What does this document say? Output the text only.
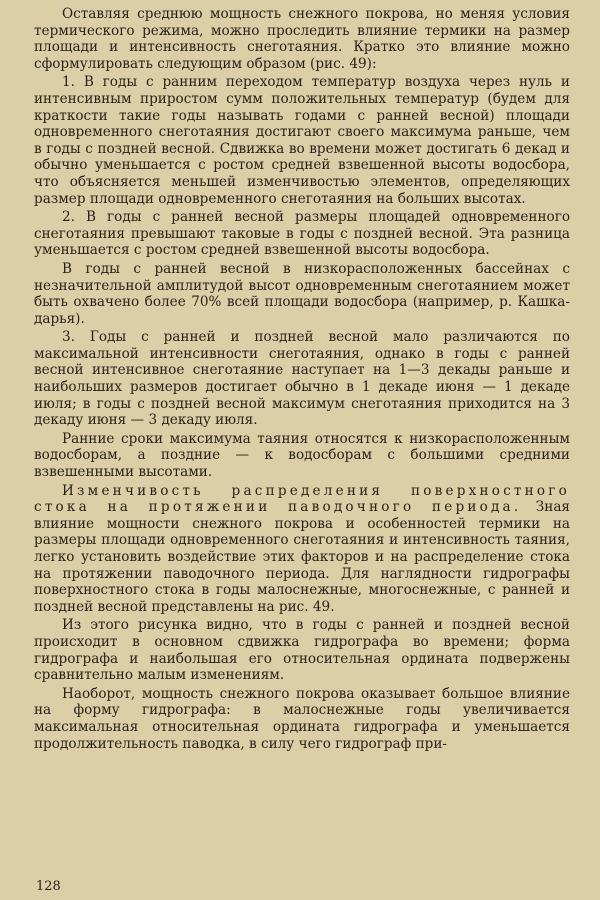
Оставляя среднюю мощность снежного покрова, но меняя условия термического режима, можно проследить влияние термики на размер площади и интенсивность снеготаяния. Кратко это влияние можно сформулировать следующим образом (рис. 49):

1. В годы с ранним переходом температур воздуха через нуль и интенсивным приростом сумм положительных температур (будем для краткости такие годы называть годами с ранней весной) площади одновременного снеготаяния достигают своего максимума раньше, чем в годы с поздней весной. Сдвижка во времени может достигать 6 декад и обычно уменьшается с ростом средней взвешенной высоты водосбора, что объясняется меньшей изменчивостью элементов, определяющих размер площади одновременного снеготаяния на больших высотах.

2. В годы с ранней весной размеры площадей одновременного снеготаяния превышают таковые в годы с поздней весной. Эта разница уменьшается с ростом средней взвешенной высоты водосбора.

В годы с ранней весной в низкорасположенных бассейнах с незначительной амплитудой высот одновременным снеготаянием может быть охвачено более 70% всей площади водосбора (например, р. Кашка-дарья).

3. Годы с ранней и поздней весной мало различаются по максимальной интенсивности снеготаяния, однако в годы с ранней весной интенсивное снеготаяние наступает на 1—3 декады раньше и наибольших размеров достигает обычно в 1 декаде июня — 1 декаде июля; в годы с поздней весной максимум снеготаяния приходится на 3 декаду июня — 3 декаду июля.

Ранние сроки максимума таяния относятся к низкорасположенным водосборам, а поздние — к водосборам с большими средними взвешенными высотами.

Изменчивость распределения поверхностного стока на протяжении паводочного периода. Зная влияние мощности снежного покрова и особенностей термики на размеры площади одновременного снеготаяния и интенсивность таяния, легко установить воздействие этих факторов и на распределение стока на протяжении паводочного периода. Для наглядности гидрографы поверхностного стока в годы малоснежные, многоснежные, с ранней и поздней весной представлены на рис. 49.

Из этого рисунка видно, что в годы с ранней и поздней весной происходит в основном сдвижка гидрографа во времени; форма гидрографа и наибольшая его относительная ордината подвержены сравнительно малым изменениям.

Наоборот, мощность снежного покрова оказывает большое влияние на форму гидрографа: в малоснежные годы увеличивается максимальная относительная ордината гидрографа и уменьшается продолжительность паводка, в силу чего гидрограф при-

128
